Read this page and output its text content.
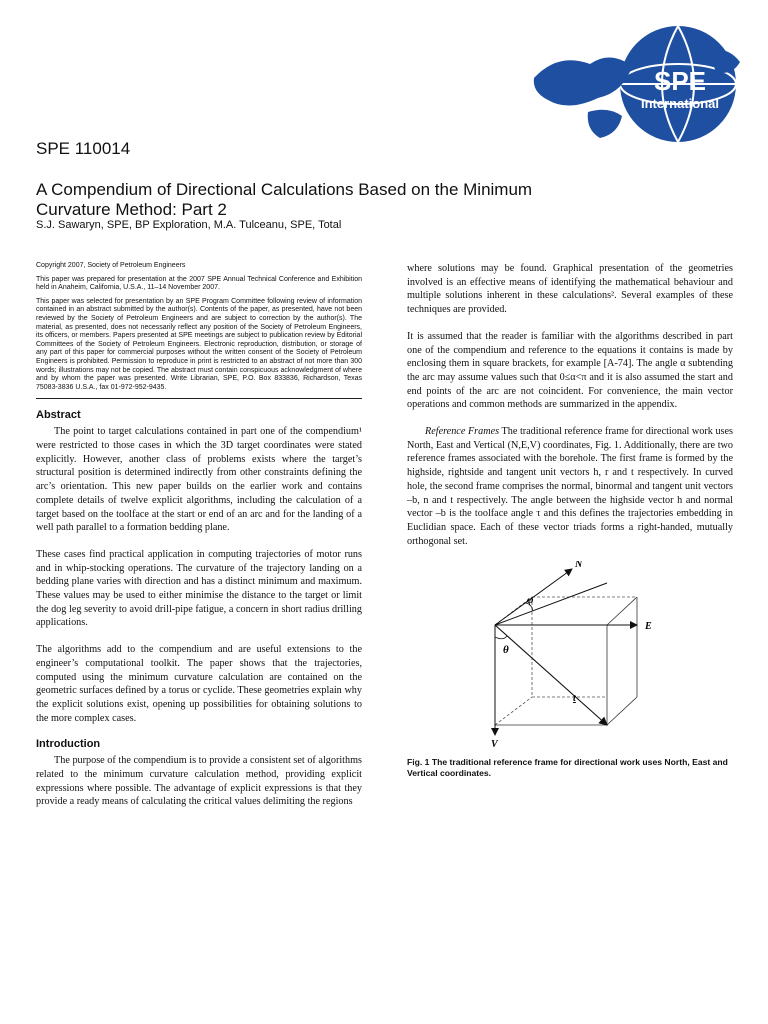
SPE
International
SPE 110014
A Compendium of Directional Calculations Based on the Minimum Curvature Method: Part 2
S.J. Sawaryn, SPE, BP Exploration, M.A. Tulceanu, SPE, Total

Copyright 2007, Society of Petroleum Engineers

This paper was prepared for presentation at the 2007 SPE Annual Technical Conference and Exhibition held in Anaheim, California, U.S.A., 11–14 November 2007.

This paper was selected for presentation by an SPE Program Committee following review of information contained in an abstract submitted by the author(s). Contents of the paper, as presented, have not been reviewed by the Society of Petroleum Engineers and are subject to correction by the author(s). The material, as presented, does not necessarily reflect any position of the Society of Petroleum Engineers, its officers, or members. Papers presented at SPE meetings are subject to publication review by Editorial Committees of the Society of Petroleum Engineers. Electronic reproduction, distribution, or storage of any part of this paper for commercial purposes without the written consent of the Society of Petroleum Engineers is prohibited. Permission to reproduce in print is restricted to an abstract of not more than 300 words; illustrations may not be copied. The abstract must contain conspicuous acknowledgment of where and by whom the paper was presented. Write Librarian, SPE, P.O. Box 833836, Richardson, Texas 75083-3836 U.S.A., fax 01-972-952-9435.

Abstract

The point to target calculations contained in part one of the compendium¹ were restricted to those cases in which the 3D target coordinates were stated explicitly. However, another class of problems exists where the target’s structural position is determined indirectly from other constraints defining the arc’s orientation. This new paper builds on the earlier work and contains complete details of twelve explicit algorithms, including the calculation of a target based on the toolface at the start or end of an arc and for the landing of a well path parallel to a formation bedding plane.

These cases find practical application in computing trajectories of motor runs and in whip-stocking operations. The curvature of the trajectory landing on a bedding plane varies with direction and has a distinct minimum and maximum. These values may be used to either minimise the distance to the target or limit the dog leg severity to avoid drill-pipe fatigue, a concern in short radius drilling applications.

The algorithms add to the compendium and are useful extensions to the engineer’s computational toolkit. The paper shows that the trajectories, computed using the minimum curvature calculation are contained on the geometric surfaces defined by a torus or cyclide. These geometries explain why the explicit solutions exist, opening up possibilities for obtaining solutions to the more complex cases.

Introduction

The purpose of the compendium is to provide a consistent set of algorithms related to the minimum curvature calculation method, providing explicit expressions where possible. The advantage of explicit expressions is that they provide a ready means of calculating the critical values delimiting the regions

where solutions may be found. Graphical presentation of the geometries involved is an effective means of identifying the mathematical behaviour and multiple solutions inherent in these calculations². Several examples of these techniques are provided.

It is assumed that the reader is familiar with the algorithms described in part one of the compendium and reference to the equations it contains is made by enclosing them in square brackets, for example [A-74]. The angle α subtending the arc may assume values such that 0≤α<π and it is also assumed the start and end points of the arc are not coincident. For convenience, the main vector operations and common methods are summarized in the appendix.

Reference Frames The traditional reference frame for directional work uses North, East and Vertical (N,E,V) coordinates, Fig. 1. Additionally, there are two reference frames associated with the borehole. The first frame is formed by the highside, rightside and tangent unit vectors h, r and t respectively. In curved hole, the second frame comprises the normal, binormal and tangent unit vectors –b, n and t respectively. The angle between the highside vector h and normal vector –b is the toolface angle τ and this defines the trajectories embedding in Euclidian space. Each of these vector triads forms a right-handed, mutually orthogonal set.

N
E
V
φ
θ
t
Fig. 1 The traditional reference frame for directional work uses North, East and Vertical coordinates.
